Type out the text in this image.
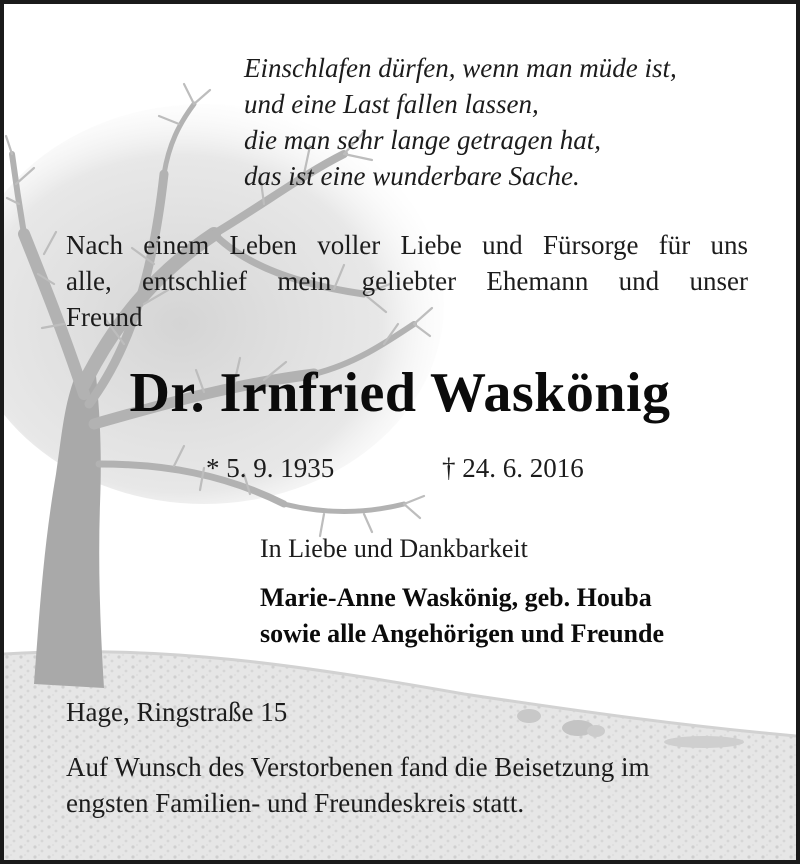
Einschlafen dürfen, wenn man müde ist,
und eine Last fallen lassen,
die man sehr lange getragen hat,
das ist eine wunderbare Sache.
Nach einem Leben voller Liebe und Fürsorge für uns
alle, entschlief mein geliebter Ehemann und unser
Freund
Dr. Irnfried Waskönig
* 5. 9. 1935	† 24. 6. 2016
In Liebe und Dankbarkeit
Marie-Anne Waskönig, geb. Houba
sowie alle Angehörigen und Freunde
Hage, Ringstraße 15
Auf Wunsch des Verstorbenen fand die Beisetzung im
engsten Familien- und Freundeskreis statt.
